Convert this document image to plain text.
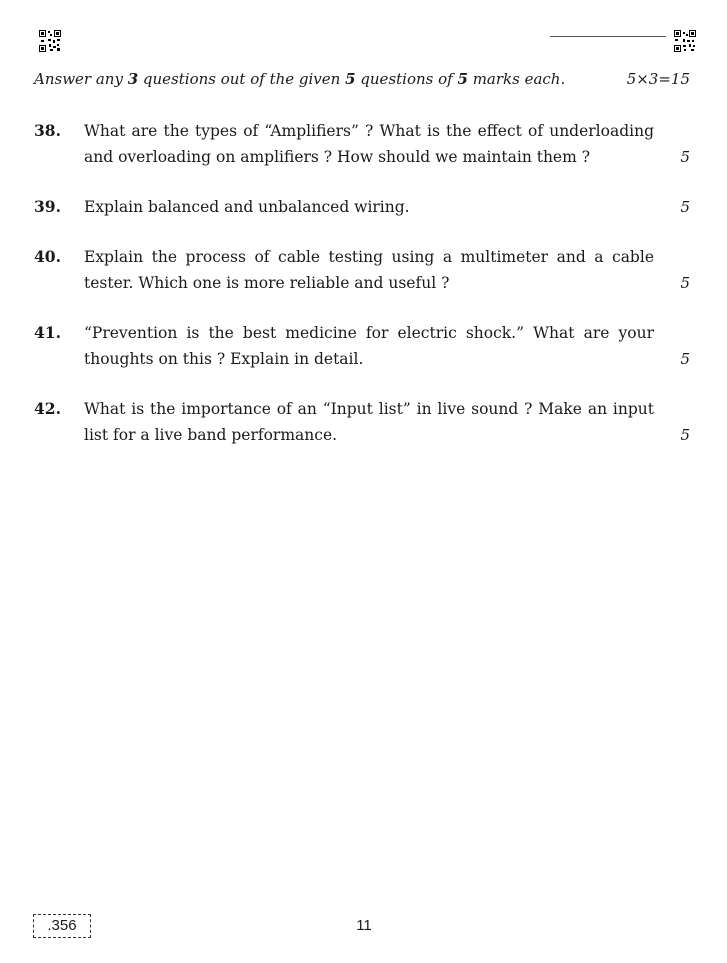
Answer any 3 questions out of the given 5 questions of 5 marks each.	5×3=15
38. What are the types of “Amplifiers” ? What is the effect of underloading and overloading on amplifiers ? How should we maintain them ?	5
39. Explain balanced and unbalanced wiring.	5
40. Explain the process of cable testing using a multimeter and a cable tester. Which one is more reliable and useful ?	5
41. “Prevention is the best medicine for electric shock.” What are your thoughts on this ? Explain in detail.	5
42. What is the importance of an “Input list” in live sound ? Make an input list for a live band performance.	5
.356	11
